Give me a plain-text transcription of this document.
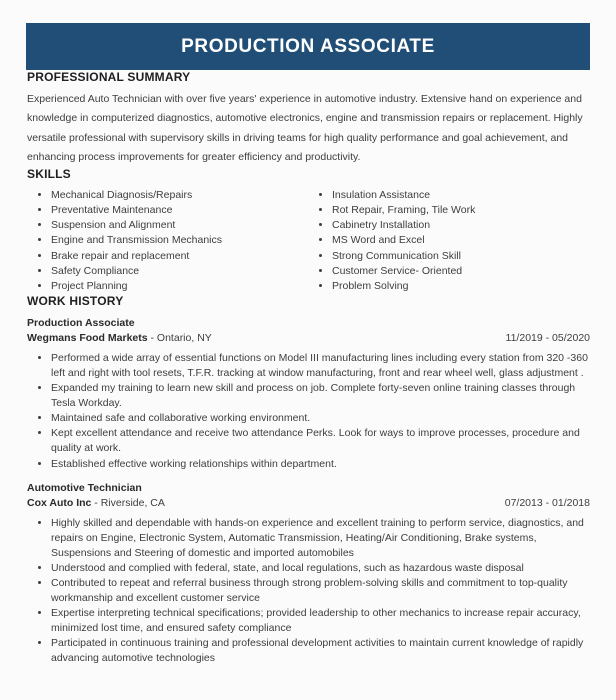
PRODUCTION ASSOCIATE
PROFESSIONAL SUMMARY

Experienced Auto Technician with over five years' experience in automotive industry. Extensive hand on experience and knowledge in computerized diagnostics, automotive electronics, engine and transmission repairs or replacement. Highly versatile professional with supervisory skills in driving teams for high quality performance and goal achievement, and enhancing process improvements for greater efficiency and productivity.

SKILLS
• Mechanical Diagnosis/Repairs
• Preventative Maintenance
• Suspension and Alignment
• Engine and Transmission Mechanics
• Brake repair and replacement
• Safety Compliance
• Project Planning
• Insulation Assistance
• Rot Repair, Framing, Tile Work
• Cabinetry Installation
• MS Word and Excel
• Strong Communication Skill
• Customer Service- Oriented
• Problem Solving
WORK HISTORY
Production Associate
Wegmans Food Markets - Ontario, NY	11/2019 - 05/2020
• Performed a wide array of essential functions on Model III manufacturing lines including every station from 320 -360 left and right with tool resets, T.F.R. tracking at window manufacturing, front and rear wheel well, glass adjustment .
• Expanded my training to learn new skill and process on job. Complete forty-seven online training classes through Tesla Workday.
• Maintained safe and collaborative working environment.
• Kept excellent attendance and receive two attendance Perks. Look for ways to improve processes, procedure and quality at work.
• Established effective working relationships within department.
Automotive Technician
Cox Auto Inc - Riverside, CA	07/2013 - 01/2018
• Highly skilled and dependable with hands-on experience and excellent training to perform service, diagnostics, and repairs on Engine, Electronic System, Automatic Transmission, Heating/Air Conditioning, Brake systems, Suspensions and Steering of domestic and imported automobiles
• Understood and complied with federal, state, and local regulations, such as hazardous waste disposal
• Contributed to repeat and referral business through strong problem-solving skills and commitment to top-quality workmanship and excellent customer service
• Expertise interpreting technical specifications; provided leadership to other mechanics to increase repair accuracy, minimized lost time, and ensured safety compliance
• Participated in continuous training and professional development activities to maintain current knowledge of rapidly advancing automotive technologies
